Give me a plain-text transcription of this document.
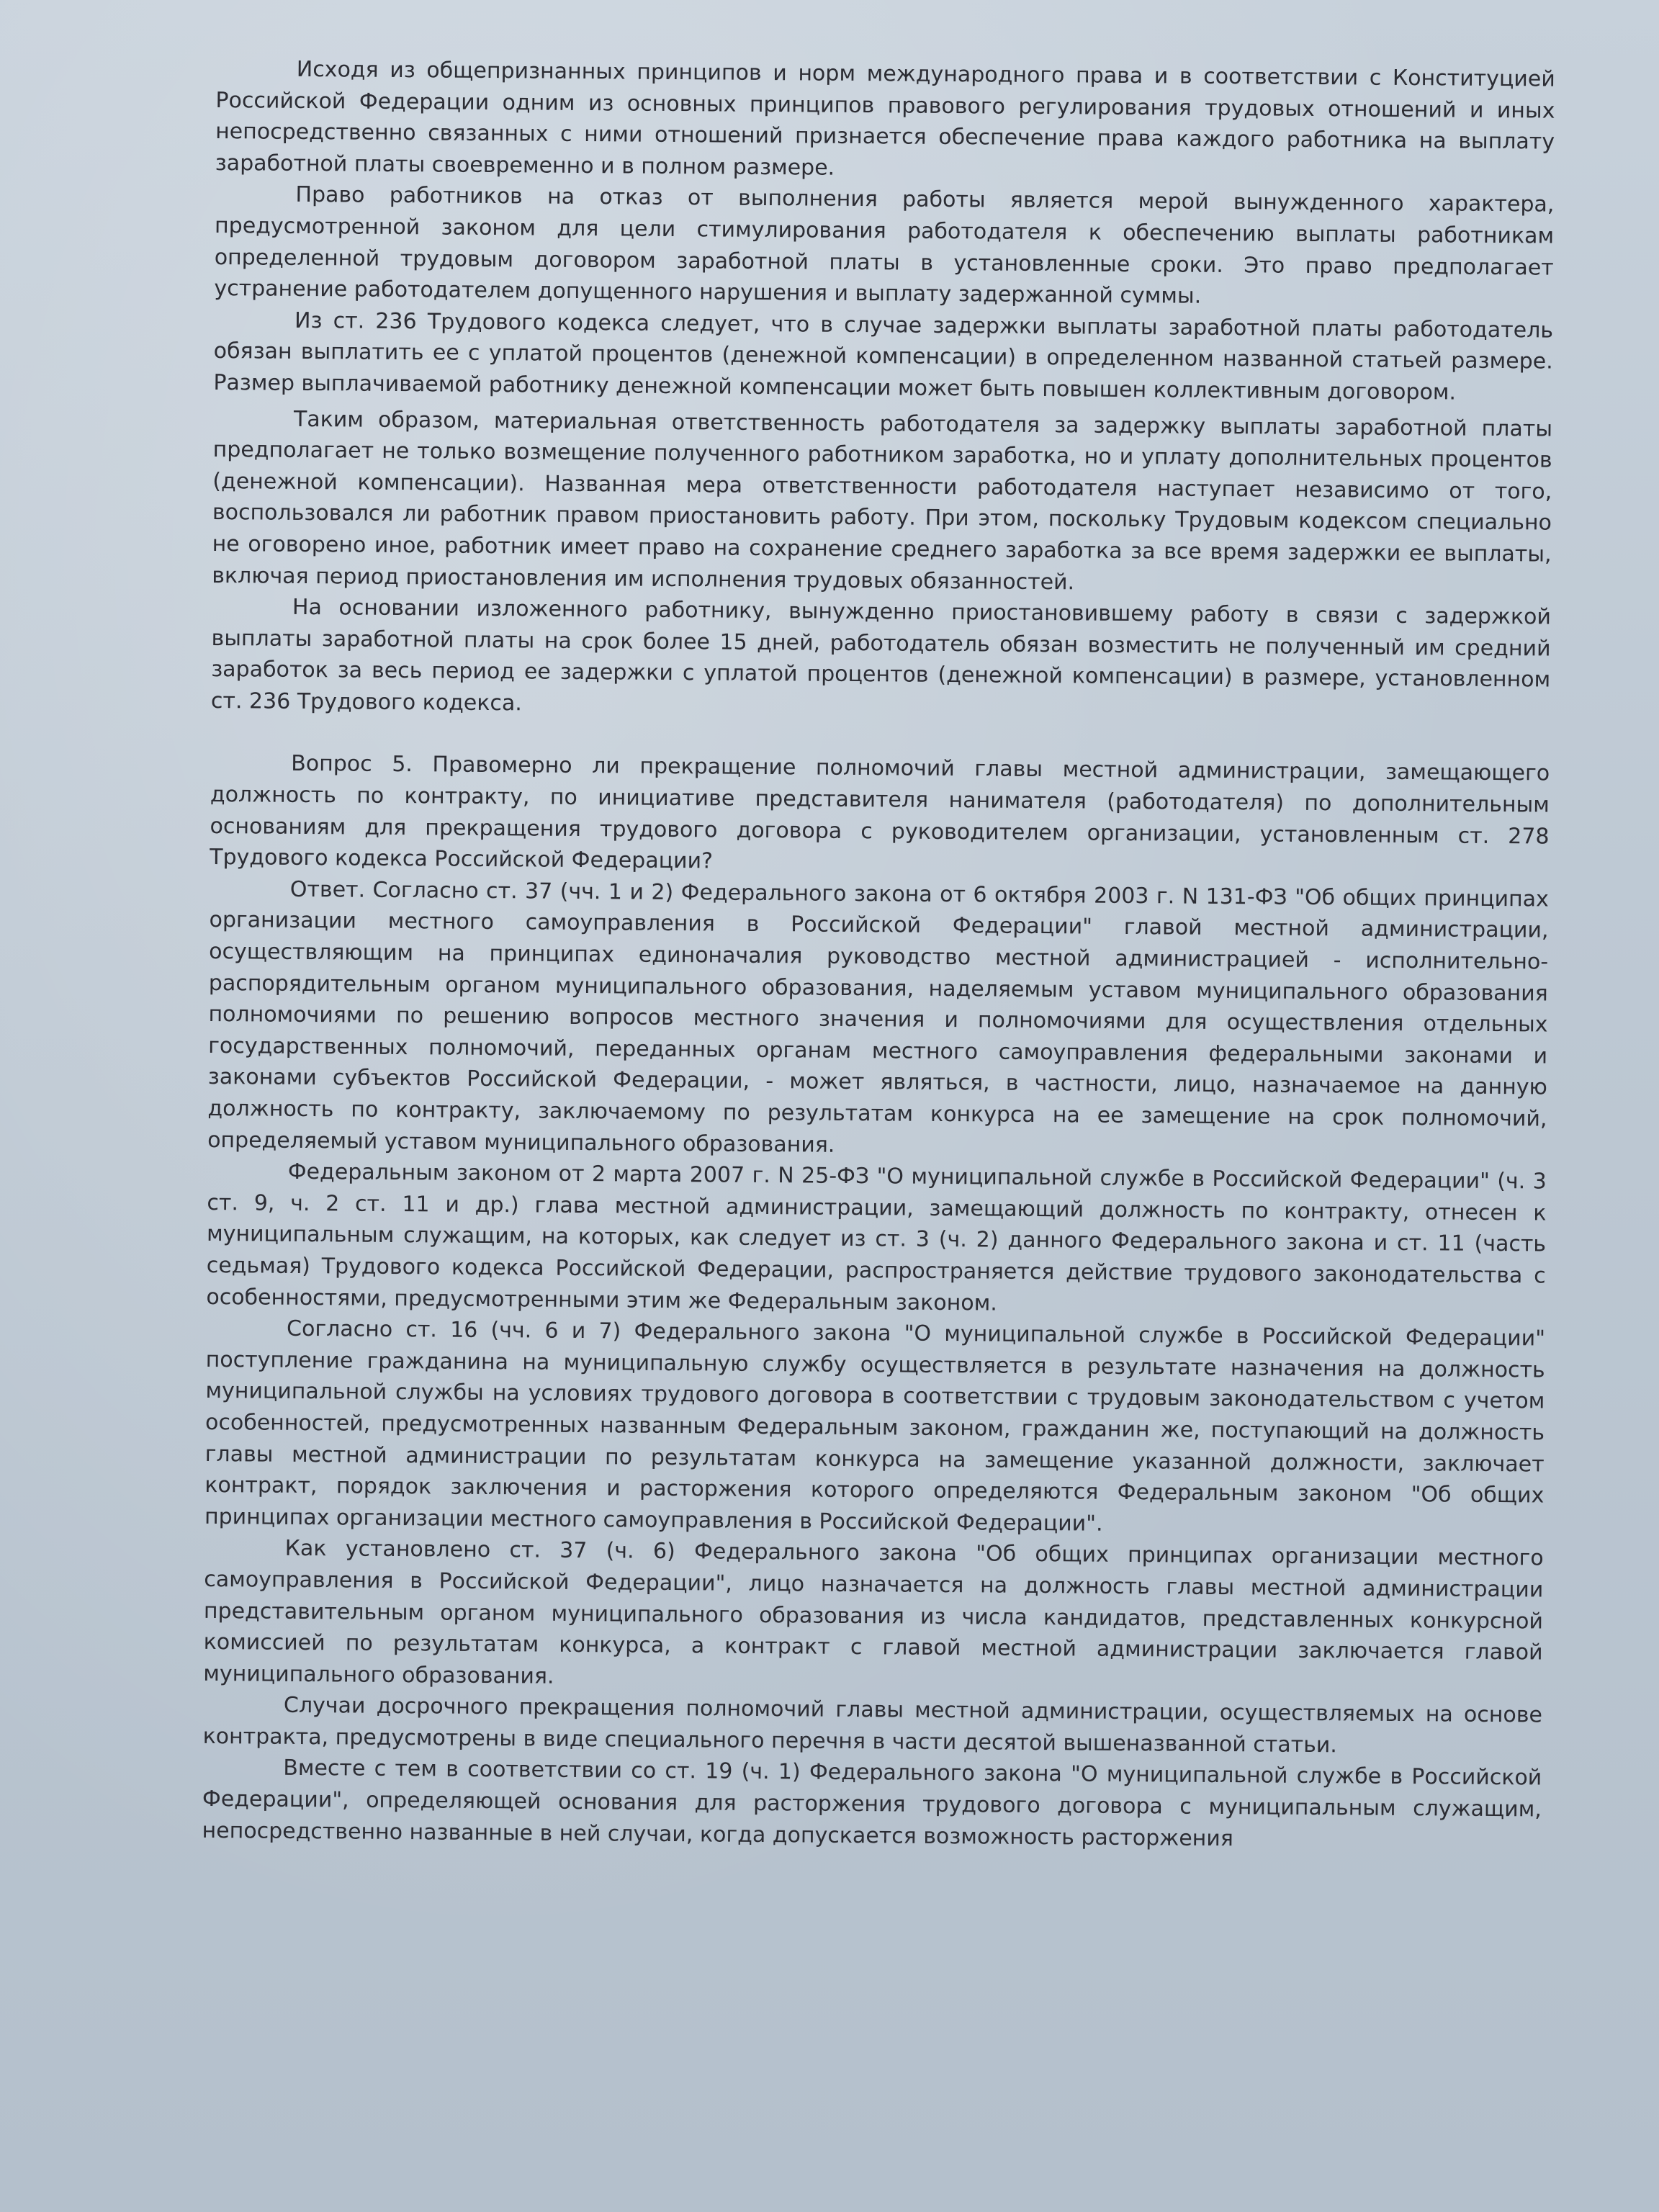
Исходя из общепризнанных принципов и норм международного права и в соответствии с Конституцией Российской Федерации одним из основных принципов правового регулирования трудовых отношений и иных непосредственно связанных с ними отношений признается обеспечение права каждого работника на выплату заработной платы своевременно и в полном размере.

Право работников на отказ от выполнения работы является мерой вынужденного характера, предусмотренной законом для цели стимулирования работодателя к обеспечению выплаты работникам определенной трудовым договором заработной платы в установленные сроки. Это право предполагает устранение работодателем допущенного нарушения и выплату задержанной суммы.

Из ст. 236 Трудового кодекса следует, что в случае задержки выплаты заработной платы работодатель обязан выплатить ее с уплатой процентов (денежной компенсации) в определенном названной статьей размере. Размер выплачиваемой работнику денежной компенсации может быть повышен коллективным договором.

Таким образом, материальная ответственность работодателя за задержку выплаты заработной платы предполагает не только возмещение полученного работником заработка, но и уплату дополнительных процентов (денежной компенсации). Названная мера ответственности работодателя наступает независимо от того, воспользовался ли работник правом приостановить работу. При этом, поскольку Трудовым кодексом специально не оговорено иное, работник имеет право на сохранение среднего заработка за все время задержки ее выплаты, включая период приостановления им исполнения трудовых обязанностей.

На основании изложенного работнику, вынужденно приостановившему работу в связи с задержкой выплаты заработной платы на срок более 15 дней, работодатель обязан возместить не полученный им средний заработок за весь период ее задержки с уплатой процентов (денежной компенсации) в размере, установленном ст. 236 Трудового кодекса.

Вопрос 5. Правомерно ли прекращение полномочий главы местной администрации, замещающего должность по контракту, по инициативе представителя нанимателя (работодателя) по дополнительным основаниям для прекращения трудового договора с руководителем организации, установленным ст. 278 Трудового кодекса Российской Федерации?

Ответ. Согласно ст. 37 (чч. 1 и 2) Федерального закона от 6 октября 2003 г. N 131-ФЗ "Об общих принципах организации местного самоуправления в Российской Федерации" главой местной администрации, осуществляющим на принципах единоначалия руководство местной администрацией - исполнительно-распорядительным органом муниципального образования, наделяемым уставом муниципального образования полномочиями по решению вопросов местного значения и полномочиями для осуществления отдельных государственных полномочий, переданных органам местного самоуправления федеральными законами и законами субъектов Российской Федерации, - может являться, в частности, лицо, назначаемое на данную должность по контракту, заключаемому по результатам конкурса на ее замещение на срок полномочий, определяемый уставом муниципального образования.

Федеральным законом от 2 марта 2007 г. N 25-ФЗ "О муниципальной службе в Российской Федерации" (ч. 3 ст. 9, ч. 2 ст. 11 и др.) глава местной администрации, замещающий должность по контракту, отнесен к муниципальным служащим, на которых, как следует из ст. 3 (ч. 2) данного Федерального закона и ст. 11 (часть седьмая) Трудового кодекса Российской Федерации, распространяется действие трудового законодательства с особенностями, предусмотренными этим же Федеральным законом.

Согласно ст. 16 (чч. 6 и 7) Федерального закона "О муниципальной службе в Российской Федерации" поступление гражданина на муниципальную службу осуществляется в результате назначения на должность муниципальной службы на условиях трудового договора в соответствии с трудовым законодательством с учетом особенностей, предусмотренных названным Федеральным законом, гражданин же, поступающий на должность главы местной администрации по результатам конкурса на замещение указанной должности, заключает контракт, порядок заключения и расторжения которого определяются Федеральным законом "Об общих принципах организации местного самоуправления в Российской Федерации".

Как установлено ст. 37 (ч. 6) Федерального закона "Об общих принципах организации местного самоуправления в Российской Федерации", лицо назначается на должность главы местной администрации представительным органом муниципального образования из числа кандидатов, представленных конкурсной комиссией по результатам конкурса, а контракт с главой местной администрации заключается главой муниципального образования.

Случаи досрочного прекращения полномочий главы местной администрации, осуществляемых на основе контракта, предусмотрены в виде специального перечня в части десятой вышеназванной статьи.

Вместе с тем в соответствии со ст. 19 (ч. 1) Федерального закона "О муниципальной службе в Российской Федерации", определяющей основания для расторжения трудового договора с муниципальным служащим, непосредственно названные в ней случаи, когда допускается возможность расторжения
